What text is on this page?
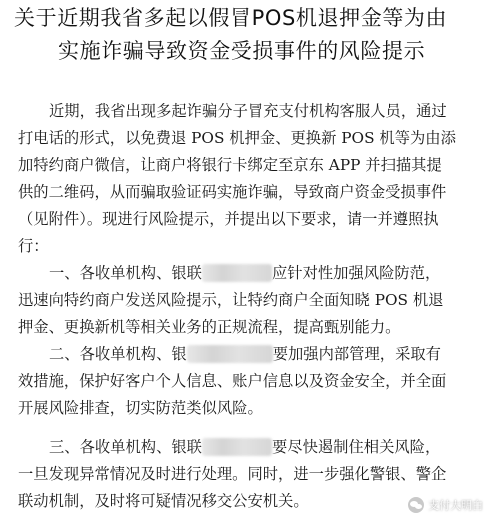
关于近期我省多起以假冒POS机退押金等为由
实施诈骗导致资金受损事件的风险提示
近期，我省出现多起诈骗分子冒充支付机构客服人员，通过
打电话的形式，以免费退 POS 机押金、更换新 POS 机等为由添
加特约商户微信，让商户将银行卡绑定至京东 APP 并扫描其提
供的二维码，从而骗取验证码实施诈骗，导致商户资金受损事件
（见附件）。现进行风险提示，并提出以下要求，请一并遵照执
行：
一、各收单机构、银联	应针对性加强风险防范，
迅速向特约商户发送风险提示，让特约商户全面知晓 POS 机退
押金、更换新机等相关业务的正规流程，提高甄别能力。
二、各收单机构、银	要加强内部管理，采取有
效措施，保护好客户个人信息、账户信息以及资金安全，并全面
开展风险排查，切实防范类似风险。
三、各收单机构、银联	要尽快遏制住相关风险，
一旦发现异常情况及时进行处理。同时，进一步强化警银、警企
联动机制，及时将可疑情况移交公安机关。	支付大明白
